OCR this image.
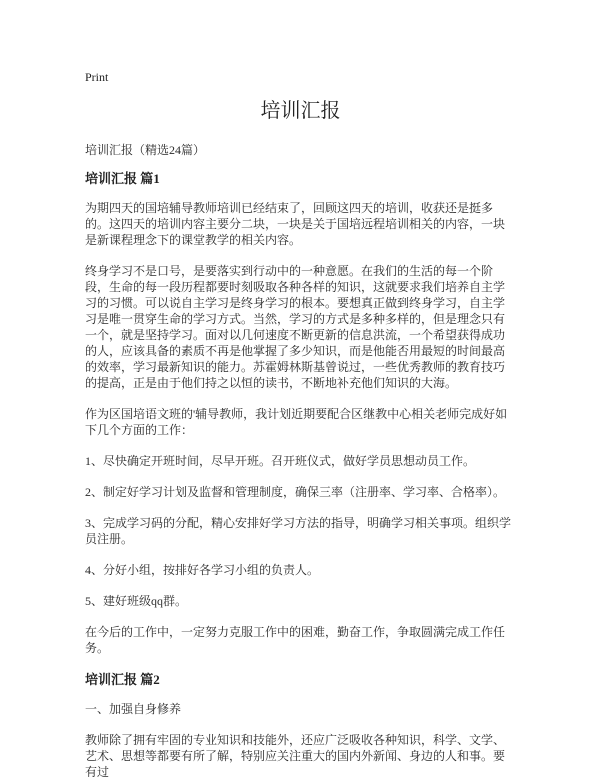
Print
培训汇报

培训汇报（精选24篇）

培训汇报 篇1

为期四天的国培辅导教师培训已经结束了，回顾这四天的培训，收获还是挺多的。这四天的培训内容主要分二块，一块是关于国培远程培训相关的内容，一块是新课程理念下的课堂教学的相关内容。

终身学习不是口号，是要落实到行动中的一种意愿。在我们的生活的每一个阶段，生命的每一段历程都要时刻吸取各种各样的知识，这就要求我们培养自主学习的习惯。可以说自主学习是终身学习的根本。要想真正做到终身学习，自主学习是唯一贯穿生命的学习方式。当然，学习的方式是多种多样的，但是理念只有一个，就是坚持学习。面对以几何速度不断更新的信息洪流，一个希望获得成功的人，应该具备的素质不再是他掌握了多少知识，而是他能否用最短的时间最高的效率，学习最新知识的能力。苏霍姆林斯基曾说过，一些优秀教师的教育技巧的提高，正是由于他们持之以恒的读书，不断地补充他们知识的大海。

作为区国培语文班的'辅导教师，我计划近期要配合区继教中心相关老师完成好如下几个方面的工作：

1、尽快确定开班时间，尽早开班。召开班仪式，做好学员思想动员工作。

2、制定好学习计划及监督和管理制度，确保三率（注册率、学习率、合格率）。

3、完成学习码的分配，精心安排好学习方法的指导，明确学习相关事项。组织学员注册。

4、分好小组，按排好各学习小组的负责人。

5、建好班级qq群。

在今后的工作中，一定努力克服工作中的困难，勤奋工作，争取圆满完成工作任务。

培训汇报 篇2

一、加强自身修养

教师除了拥有牢固的专业知识和技能外，还应广泛吸收各种知识，科学、文学、艺术、思想等都要有所了解，特别应关注重大的国内外新闻、身边的人和事。要有过
